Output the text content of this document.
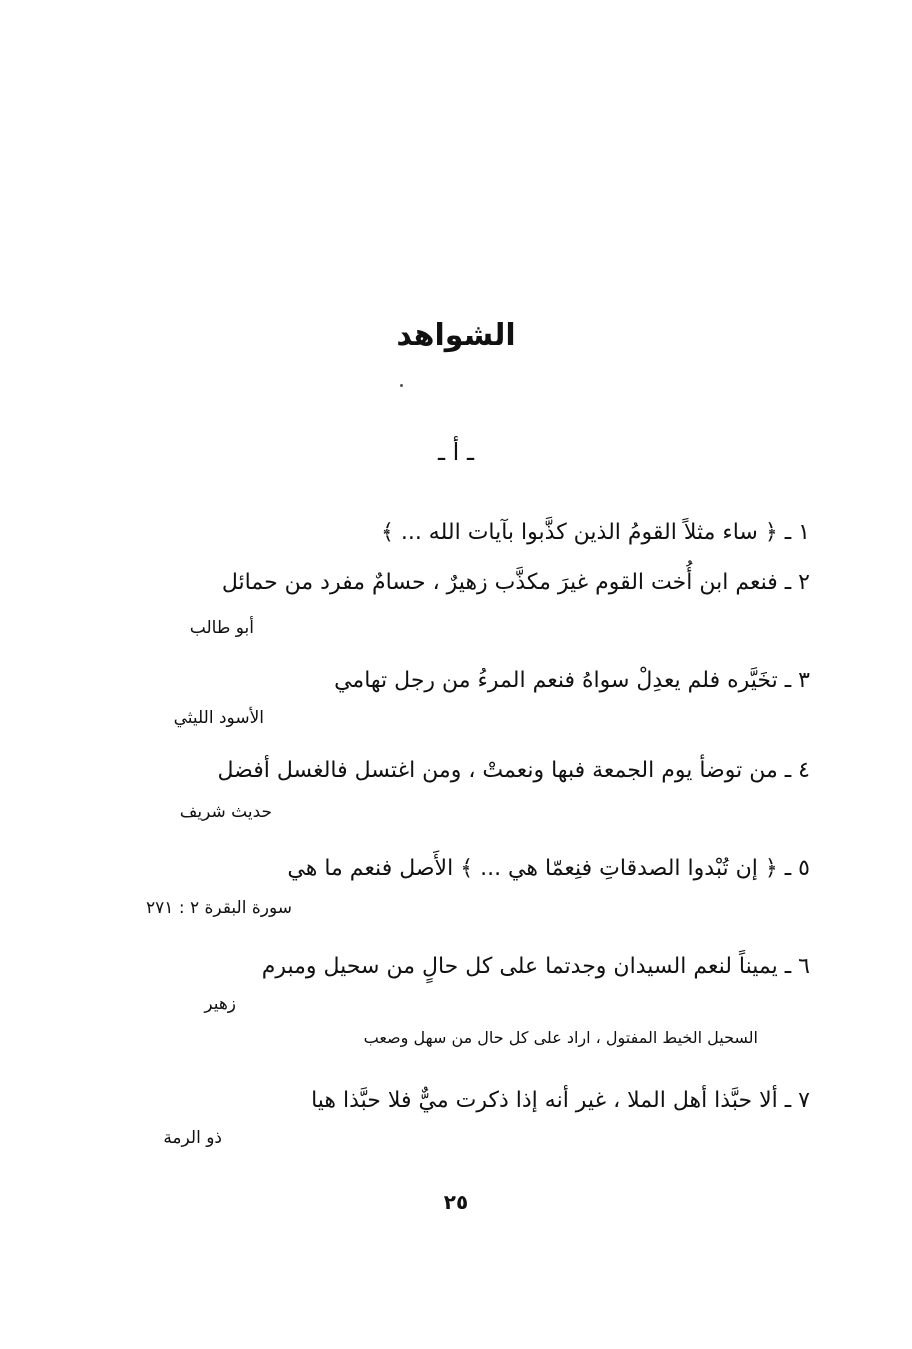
الشواهد
ـ أ ـ
١ ـ ﴿ ساء مثلاً القومُ الذين كذَّبوا بآيات الله ... ﴾
٢ ـ فنعم ابن أُخت القوم غيرَ مكذَّب زهيرٌ ، حسامٌ مفرد من حمائل
أبو طالب
٣ ـ تخَيَّره فلم يعدِلْ سواهُ فنعم المرءُ من رجل تهامي
الأسود الليثي
٤ ـ من توضأ يوم الجمعة فبها ونعمتْ ، ومن اغتسل فالغسل أفضل
حديث شريف
٥ ـ ﴿ إن تُبْدوا الصدقاتِ فنِعمّا هي ... ﴾ الأَصل فنعم ما هي
سورة البقرة ٢ : ٢٧١
٦ ـ يميناً لنعم السيدان وجدتما على كل حالٍ من سحيل ومبرم
زهير
السحيل الخيط المفتول ، اراد على كل حال من سهل وصعب
٧ ـ ألا حبَّذا أهل الملا ، غير أنه إذا ذكرت ميٌّ فلا حبَّذا هيا
ذو الرمة
٢٥
